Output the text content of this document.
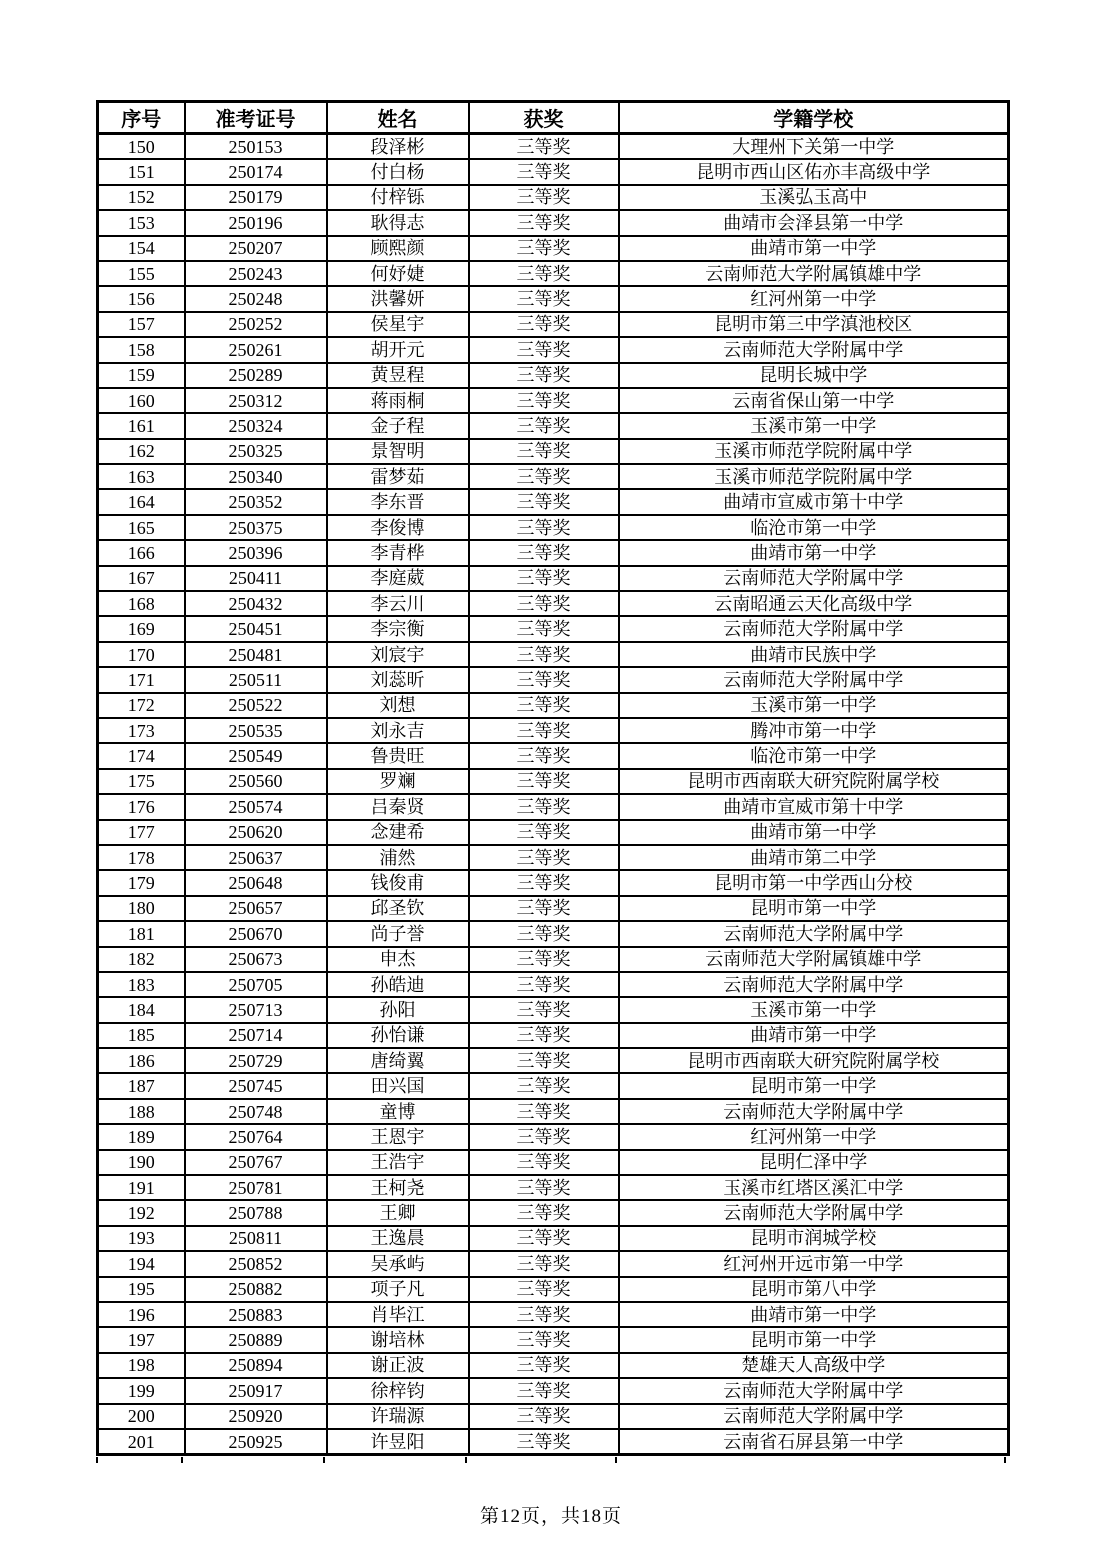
序号	准考证号	姓名	获奖	学籍学校
150	250153	段泽彬	三等奖	大理州下关第一中学
151	250174	付白杨	三等奖	昆明市西山区佑亦丰高级中学
152	250179	付梓铄	三等奖	玉溪弘玉高中
153	250196	耿得志	三等奖	曲靖市会泽县第一中学
154	250207	顾熙颜	三等奖	曲靖市第一中学
155	250243	何妤婕	三等奖	云南师范大学附属镇雄中学
156	250248	洪馨妍	三等奖	红河州第一中学
157	250252	侯星宇	三等奖	昆明市第三中学滇池校区
158	250261	胡开元	三等奖	云南师范大学附属中学
159	250289	黄昱程	三等奖	昆明长城中学
160	250312	蒋雨桐	三等奖	云南省保山第一中学
161	250324	金子程	三等奖	玉溪市第一中学
162	250325	景智明	三等奖	玉溪市师范学院附属中学
163	250340	雷梦茹	三等奖	玉溪市师范学院附属中学
164	250352	李东晋	三等奖	曲靖市宣威市第十中学
165	250375	李俊博	三等奖	临沧市第一中学
166	250396	李青桦	三等奖	曲靖市第一中学
167	250411	李庭葳	三等奖	云南师范大学附属中学
168	250432	李云川	三等奖	云南昭通云天化高级中学
169	250451	李宗衡	三等奖	云南师范大学附属中学
170	250481	刘宸宇	三等奖	曲靖市民族中学
171	250511	刘蕊昕	三等奖	云南师范大学附属中学
172	250522	刘想	三等奖	玉溪市第一中学
173	250535	刘永吉	三等奖	腾冲市第一中学
174	250549	鲁贵旺	三等奖	临沧市第一中学
175	250560	罗斓	三等奖	昆明市西南联大研究院附属学校
176	250574	吕秦贤	三等奖	曲靖市宣威市第十中学
177	250620	念建希	三等奖	曲靖市第一中学
178	250637	浦然	三等奖	曲靖市第二中学
179	250648	钱俊甫	三等奖	昆明市第一中学西山分校
180	250657	邱圣钦	三等奖	昆明市第一中学
181	250670	尚子誉	三等奖	云南师范大学附属中学
182	250673	申杰	三等奖	云南师范大学附属镇雄中学
183	250705	孙皓迪	三等奖	云南师范大学附属中学
184	250713	孙阳	三等奖	玉溪市第一中学
185	250714	孙怡谦	三等奖	曲靖市第一中学
186	250729	唐绮翼	三等奖	昆明市西南联大研究院附属学校
187	250745	田兴国	三等奖	昆明市第一中学
188	250748	童博	三等奖	云南师范大学附属中学
189	250764	王恩宇	三等奖	红河州第一中学
190	250767	王浩宇	三等奖	昆明仁泽中学
191	250781	王柯尧	三等奖	玉溪市红塔区溪汇中学
192	250788	王卿	三等奖	云南师范大学附属中学
193	250811	王逸晨	三等奖	昆明市润城学校
194	250852	吴承屿	三等奖	红河州开远市第一中学
195	250882	项子凡	三等奖	昆明市第八中学
196	250883	肖毕江	三等奖	曲靖市第一中学
197	250889	谢培林	三等奖	昆明市第一中学
198	250894	谢正波	三等奖	楚雄天人高级中学
199	250917	徐梓钧	三等奖	云南师范大学附属中学
200	250920	许瑞源	三等奖	云南师范大学附属中学
201	250925	许昱阳	三等奖	云南省石屏县第一中学
第12页，共18页
